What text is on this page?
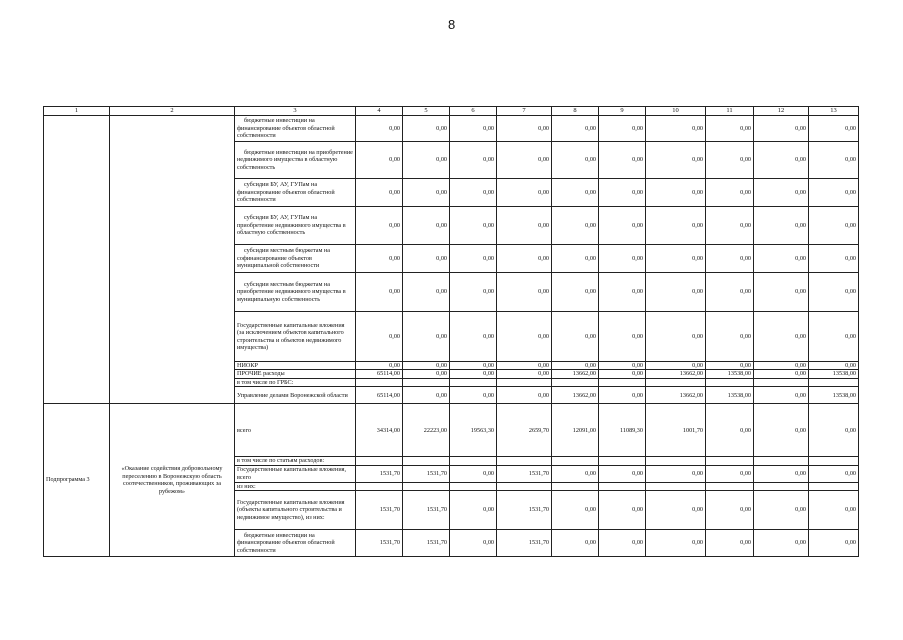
8
1	2	3	4	5	6	7	8	9	10	11	12	13
		бюджетные инвестиции на финансирование объектов областной собственности	0,00	0,00	0,00	0,00	0,00	0,00	0,00	0,00	0,00	0,00
		бюджетные инвестиции на приобретение недвижимого имущества в областную собственность	0,00	0,00	0,00	0,00	0,00	0,00	0,00	0,00	0,00	0,00
		субсидии БУ, АУ, ГУПам на финансирование объектов областной собственности	0,00	0,00	0,00	0,00	0,00	0,00	0,00	0,00	0,00	0,00
		субсидии БУ, АУ, ГУПам на приобретение недвижимого имущества в областную собственность	0,00	0,00	0,00	0,00	0,00	0,00	0,00	0,00	0,00	0,00
		субсидии местным бюджетам на софинансирование объектов муниципальной собственности	0,00	0,00	0,00	0,00	0,00	0,00	0,00	0,00	0,00	0,00
		субсидии местным бюджетам на приобретение недвижимого имущества в муниципальную собственность	0,00	0,00	0,00	0,00	0,00	0,00	0,00	0,00	0,00	0,00
		Государственные капитальные вложения (за исключением объектов капитального строительства и объектов недвижимого имущества)	0,00	0,00	0,00	0,00	0,00	0,00	0,00	0,00	0,00	0,00
		НИОКР	0,00	0,00	0,00	0,00	0,00	0,00	0,00	0,00	0,00	0,00
		ПРОЧИЕ расходы	65114,00	0,00	0,00	0,00	13662,00	0,00	13662,00	13538,00	0,00	13538,00
		в том числе по ГРБС:										
		Управление делами Воронежской области	65114,00	0,00	0,00	0,00	13662,00	0,00	13662,00	13538,00	0,00	13538,00
Подпрограмма 3	«Оказание содействия добровольному переселению в Воронежскую область соотечественников, проживающих за рубежом»	всего	34314,00	22223,00	19563,30	2659,70	12091,00	11089,30	1001,70	0,00	0,00	0,00
		в том числе по статьям расходов:										
		Государственные капитальные вложения, всего	1531,70	1531,70	0,00	1531,70	0,00	0,00	0,00	0,00	0,00	0,00
		из них:										
		Государственные капитальные вложения (объекты капитального строительства и недвижимое имущество), из них:	1531,70	1531,70	0,00	1531,70	0,00	0,00	0,00	0,00	0,00	0,00
		бюджетные инвестиции на финансирование объектов областной собственности	1531,70	1531,70	0,00	1531,70	0,00	0,00	0,00	0,00	0,00	0,00
